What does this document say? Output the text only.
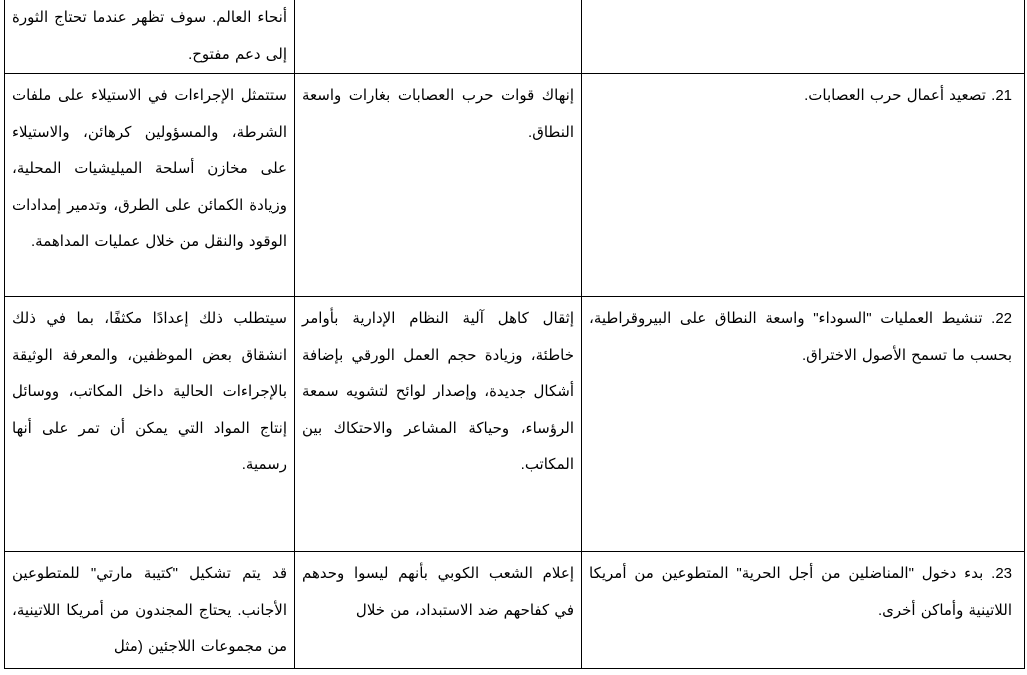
		أنحاء العالم. سوف تظهر عندما تحتاج الثورة إلى دعم مفتوح.
21. تصعيد أعمال حرب العصابات.	إنهاك قوات حرب العصابات بغارات واسعة النطاق.	ستتمثل الإجراءات في الاستيلاء على ملفات الشرطة، والمسؤولين كرهائن، والاستيلاء على مخازن أسلحة الميليشيات المحلية، وزيادة الكمائن على الطرق، وتدمير إمدادات الوقود والنقل من خلال عمليات المداهمة.
22. تنشيط العمليات "السوداء" واسعة النطاق على البيروقراطية، بحسب ما تسمح الأصول الاختراق.	إثقال كاهل آلية النظام الإدارية بأوامر خاطئة، وزيادة حجم العمل الورقي بإضافة أشكال جديدة، وإصدار لوائح لتشويه سمعة الرؤساء، وحياكة المشاعر والاحتكاك بين المكاتب.	سيتطلب ذلك إعدادًا مكثفًا، بما في ذلك انشقاق بعض الموظفين، والمعرفة الوثيقة بالإجراءات الحالية داخل المكاتب، ووسائل إنتاج المواد التي يمكن أن تمر على أنها رسمية.
23. بدء دخول "المناضلين من أجل الحرية" المتطوعين من أمريكا اللاتينية وأماكن أخرى.	إعلام الشعب الكوبي بأنهم ليسوا وحدهم في كفاحهم ضد الاستبداد، من خلال	قد يتم تشكيل "كتيبة مارتي" للمتطوعين الأجانب. يحتاج المجندون من أمريكا اللاتينية، من مجموعات اللاجئين (مثل
